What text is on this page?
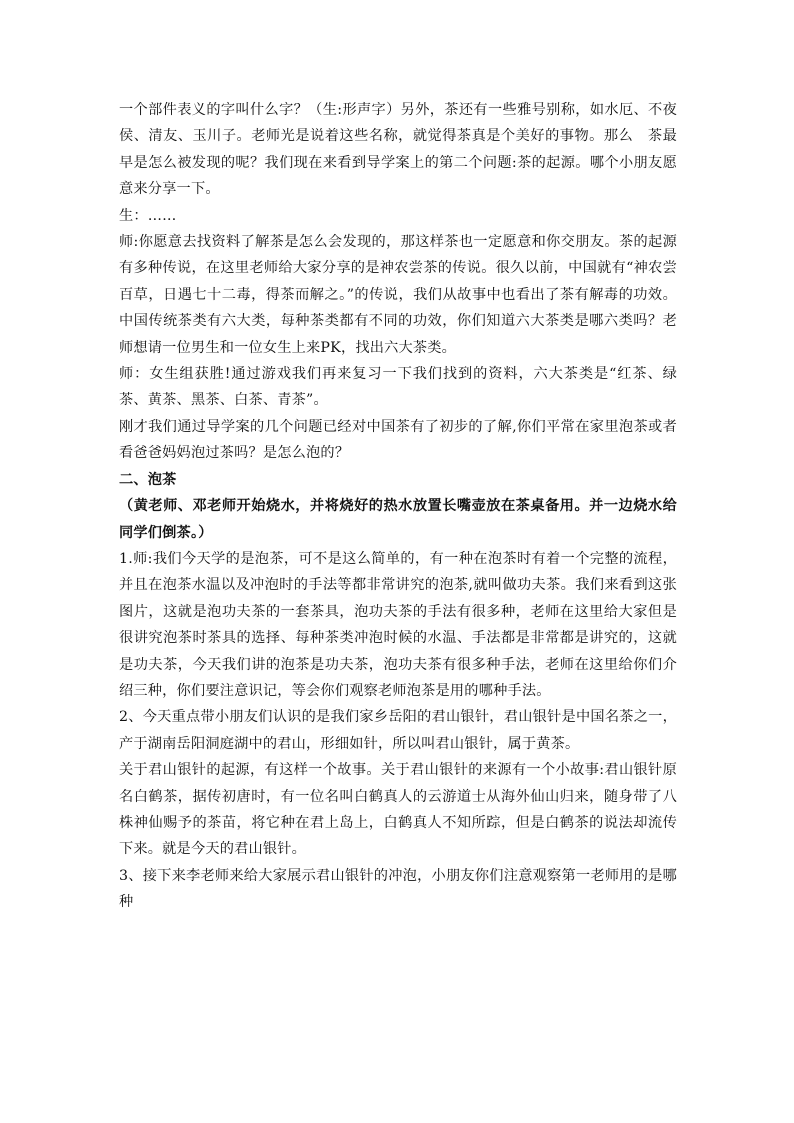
一个部件表义的字叫什么字？（生:形声字）另外，茶还有一些雅号别称，如水厄、不夜侯、清友、玉川子。老师光是说着这些名称，就觉得茶真是个美好的事物。那么　茶最早是怎么被发现的呢？我们现在来看到导学案上的第二个问题:茶的起源。哪个小朋友愿意来分享一下。

生：……

师:你愿意去找资料了解茶是怎么会发现的，那这样茶也一定愿意和你交朋友。茶的起源有多种传说，在这里老师给大家分享的是神农尝茶的传说。很久以前，中国就有“神农尝百草，日遇七十二毒，得茶而解之。”的传说，我们从故事中也看出了茶有解毒的功效。中国传统茶类有六大类，每种茶类都有不同的功效，你们知道六大茶类是哪六类吗？老师想请一位男生和一位女生上来PK，找出六大茶类。

师：女生组获胜!通过游戏我们再来复习一下我们找到的资料，六大茶类是“红茶、绿茶、黄茶、黑茶、白茶、青茶”。

刚才我们通过导学案的几个问题已经对中国茶有了初步的了解,你们平常在家里泡茶或者看爸爸妈妈泡过茶吗？是怎么泡的？

二、泡茶

（黄老师、邓老师开始烧水，并将烧好的热水放置长嘴壶放在茶桌备用。并一边烧水给同学们倒茶。）

1.师:我们今天学的是泡茶，可不是这么简单的，有一种在泡茶时有着一个完整的流程，并且在泡茶水温以及冲泡时的手法等都非常讲究的泡茶,就叫做功夫茶。我们来看到这张图片，这就是泡功夫茶的一套茶具，泡功夫茶的手法有很多种，老师在这里给大家但是很讲究泡茶时茶具的选择、每种茶类冲泡时候的水温、手法都是非常都是讲究的，这就是功夫茶，今天我们讲的泡茶是功夫茶，泡功夫茶有很多种手法，老师在这里给你们介绍三种，你们要注意识记，等会你们观察老师泡茶是用的哪种手法。

2、今天重点带小朋友们认识的是我们家乡岳阳的君山银针，君山银针是中国名茶之一，产于湖南岳阳洞庭湖中的君山，形细如针，所以叫君山银针，属于黄茶。

关于君山银针的起源，有这样一个故事。关于君山银针的来源有一个小故事:君山银针原名白鹤茶，据传初唐时，有一位名叫白鹤真人的云游道士从海外仙山归来，随身带了八株神仙赐予的茶苗，将它种在君上岛上，白鹤真人不知所踪，但是白鹤茶的说法却流传下来。就是今天的君山银针。

3、接下来李老师来给大家展示君山银针的冲泡，小朋友你们注意观察第一老师用的是哪种
